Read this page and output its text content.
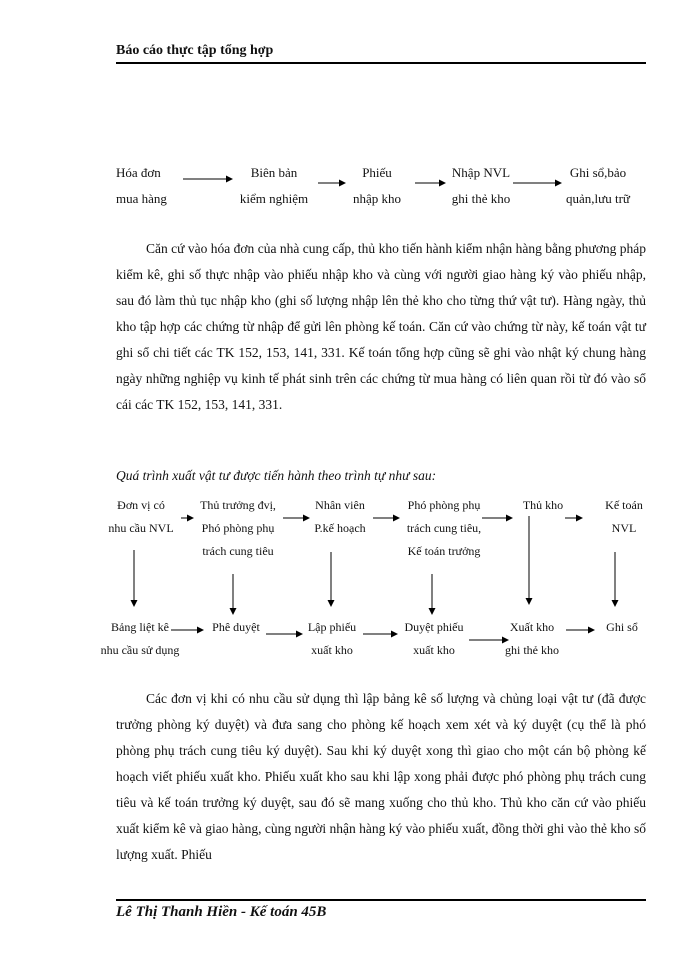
Báo cáo thực tập tổng hợp
Hóa đơn
mua hàng
Biên bản
kiểm nghiệm
Phiếu
nhập kho
Nhập NVL
ghi thẻ kho
Ghi sổ,bảo
quản,lưu trữ
Căn cứ vào hóa đơn của nhà cung cấp, thủ kho tiến hành kiểm nhận hàng bằng phương pháp kiểm kê, ghi số thực nhập vào phiếu nhập kho và cùng với người giao hàng ký vào phiếu nhập, sau đó làm thủ tục nhập kho (ghi số lượng nhập lên thẻ kho cho từng thứ vật tư). Hàng ngày, thủ kho tập hợp các chứng từ nhập để gửi lên phòng kế toán. Căn cứ vào chứng từ này, kế toán vật tư ghi sổ chi tiết các TK 152, 153, 141, 331. Kế toán tổng hợp cũng sẽ ghi vào nhật ký chung hàng ngày những nghiệp vụ kinh tế phát sinh trên các chứng từ mua hàng có liên quan rồi từ đó vào sổ cái các TK 152, 153, 141, 331.
Quá trình xuất vật tư được tiến hành theo trình tự như sau:
Đơn vị có
nhu cầu NVL
Thủ trưởng đvị,
Phó phòng phụ
trách cung tiêu
Nhân viên
P.kế hoạch
Phó phòng phụ
trách cung tiêu,
Kế toán trưởng
Thủ kho	Kế toán
NVL
Bảng liệt kê
nhu cầu sử dụng
Phê duyệt	Lập phiếu
xuất kho
Duyệt phiếu
xuất kho
Xuất kho
ghi thẻ kho
Ghi sổ
Các đơn vị khi có nhu cầu sử dụng thì lập bảng kê số lượng và chủng loại vật tư (đã được trưởng phòng ký duyệt) và đưa sang cho phòng kế hoạch xem xét và ký duyệt (cụ thể là phó phòng phụ trách cung tiêu ký duyệt). Sau khi ký duyệt xong thì giao cho một cán bộ phòng kế hoạch viết phiếu xuất kho. Phiếu xuất kho sau khi lập xong phải được phó phòng phụ trách cung tiêu và kế toán trưởng ký duyệt, sau đó sẽ mang xuống cho thủ kho. Thủ kho căn cứ vào phiếu xuất kiểm kê và giao hàng, cùng người nhận hàng ký vào phiếu xuất, đồng thời ghi vào thẻ kho số lượng xuất. Phiếu
Lê Thị Thanh Hiền - Kế toán 45B
